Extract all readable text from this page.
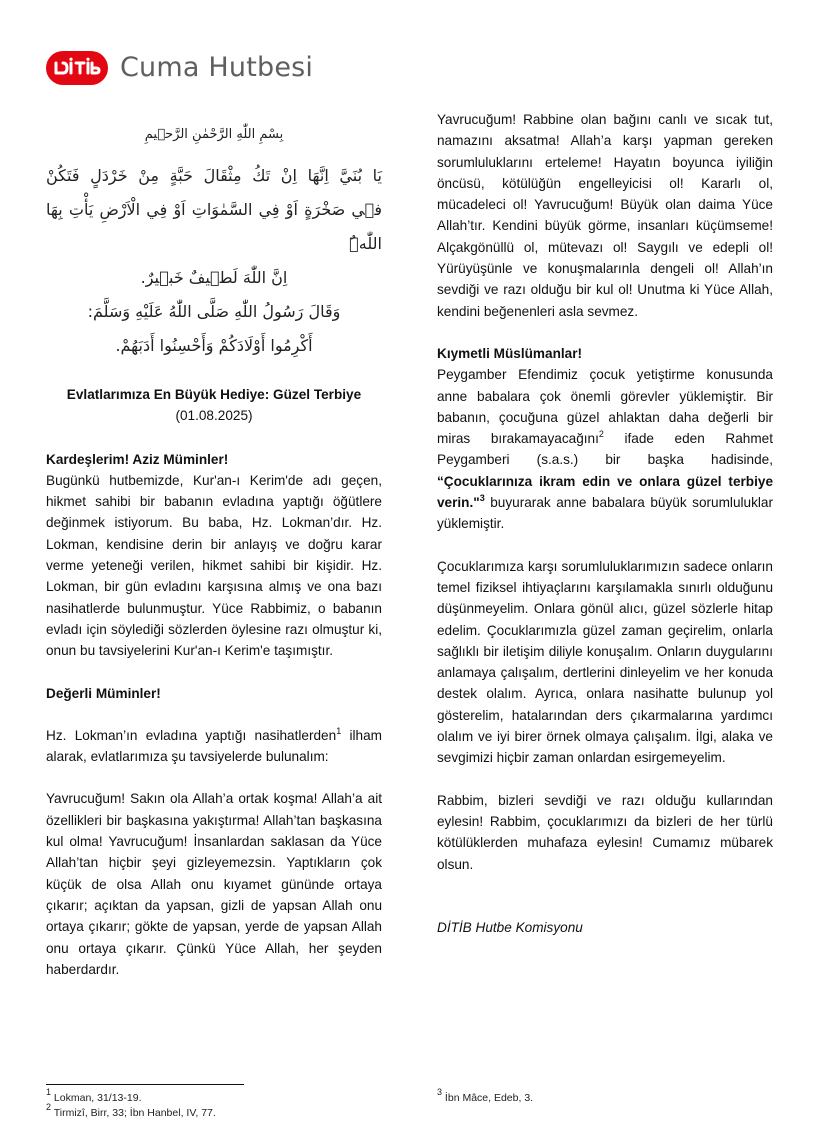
Cuma Hutbesi
بِسْمِ اللّٰهِ الرَّحْمٰنِ الرَّح۪يمِ

يَا بُنَيَّ اِنَّهَا اِنْ تَكُ مِثْقَالَ حَبَّةٍ مِنْ خَرْدَلٍ فَتَكُنْ

ف۪ي صَخْرَةٍ اَوْ فِي السَّمٰوَاتِ اَوْ فِي الْاَرْضِ يَأْتِ بِهَا اللّٰهُۜ

اِنَّ اللّٰهَ لَط۪يفٌ خَب۪يرٌ.

وَقَالَ رَسُولُ اللّٰهِ صَلَّى اللّٰهُ عَلَيْهِ وَسَلَّمَ:

أَكْرِمُوا أَوْلَادَكُمْ وَأَحْسِنُوا أَدَبَهُمْ.

Evlatlarımıza En Büyük Hediye: Güzel Terbiye
(01.08.2025)

Kardeşlerim! Aziz Müminler!

Bugünkü hutbemizde, Kur'an-ı Kerim'de adı geçen, hikmet sahibi bir babanın evladına yaptığı öğütlere değinmek istiyorum. Bu baba, Hz. Lokman’dır. Hz. Lokman, kendisine derin bir anlayış ve doğru karar verme yeteneği verilen, hikmet sahibi bir kişidir. Hz. Lokman, bir gün evladını karşısına almış ve ona bazı nasihatlerde bulunmuştur. Yüce Rabbimiz, o babanın evladı için söylediği sözlerden öylesine razı olmuştur ki, onun bu tavsiyelerini Kur'an-ı Kerim'e taşımıştır.

Değerli Müminler!

Hz. Lokman’ın evladına yaptığı nasihatlerden$^1$ ilham alarak, evlatlarımıza şu tavsiyelerde bulunalım:

Yavrucuğum! Sakın ola Allah’a ortak koşma! Allah’a ait özellikleri bir başkasına yakıştırma! Allah’tan başkasına kul olma! Yavrucuğum! İnsanlardan saklasan da Yüce Allah’tan hiçbir şeyi gizleyemezsin. Yaptıkların çok küçük de olsa Allah onu kıyamet gününde ortaya çıkarır; açıktan da yapsan, gizli de yapsan Allah onu ortaya çıkarır; gökte de yapsan, yerde de yapsan Allah onu ortaya çıkarır. Çünkü Yüce Allah, her şeyden haberdardır.

Yavrucuğum! Rabbine olan bağını canlı ve sıcak tut, namazını aksatma! Allah’a karşı yapman gereken sorumluluklarını erteleme! Hayatın boyunca iyiliğin öncüsü, kötülüğün engelleyicisi ol! Kararlı ol, mücadeleci ol! Yavrucuğum! Büyük olan daima Yüce Allah’tır. Kendini büyük görme, insanları küçümseme! Alçakgönüllü ol, mütevazı ol! Saygılı ve edepli ol! Yürüyüşünle ve konuşmalarınla dengeli ol! Allah’ın sevdiği ve razı olduğu bir kul ol! Unutma ki Yüce Allah, kendini beğenenleri asla sevmez.

Kıymetli Müslümanlar!

Peygamber Efendimiz çocuk yetiştirme konusunda anne babalara çok önemli görevler yüklemiştir. Bir babanın, çocuğuna güzel ahlaktan daha değerli bir miras bırakamayacağını$^2$ ifade eden Rahmet Peygamberi (s.a.s.) bir başka hadisinde, “Çocuklarınıza ikram edin ve onlara güzel terbiye verin."$^3$ buyurarak anne babalara büyük sorumluluklar yüklemiştir.

Çocuklarımıza karşı sorumluluklarımızın sadece onların temel fiziksel ihtiyaçlarını karşılamakla sınırlı olduğunu düşünmeyelim. Onlara gönül alıcı, güzel sözlerle hitap edelim. Çocuklarımızla güzel zaman geçirelim, onlarla sağlıklı bir iletişim diliyle konuşalım. Onların duygularını anlamaya çalışalım, dertlerini dinleyelim ve her konuda destek olalım. Ayrıca, onlara nasihatte bulunup yol gösterelim, hatalarından ders çıkarmalarına yardımcı olalım ve iyi birer örnek olmaya çalışalım. İlgi, alaka ve sevgimizi hiçbir zaman onlardan esirgemeyelim.

Rabbim, bizleri sevdiği ve razı olduğu kullarından eylesin! Rabbim, çocuklarımızı da bizleri de her türlü kötülüklerden muhafaza eylesin! Cumamız mübarek olsun.

DİTİB Hutbe Komisyonu

$^1$ Lokman, 31/13-19.
$^2$ Tirmizî, Birr, 33; İbn Hanbel, IV, 77.
$^3$ İbn Mâce, Edeb, 3.
